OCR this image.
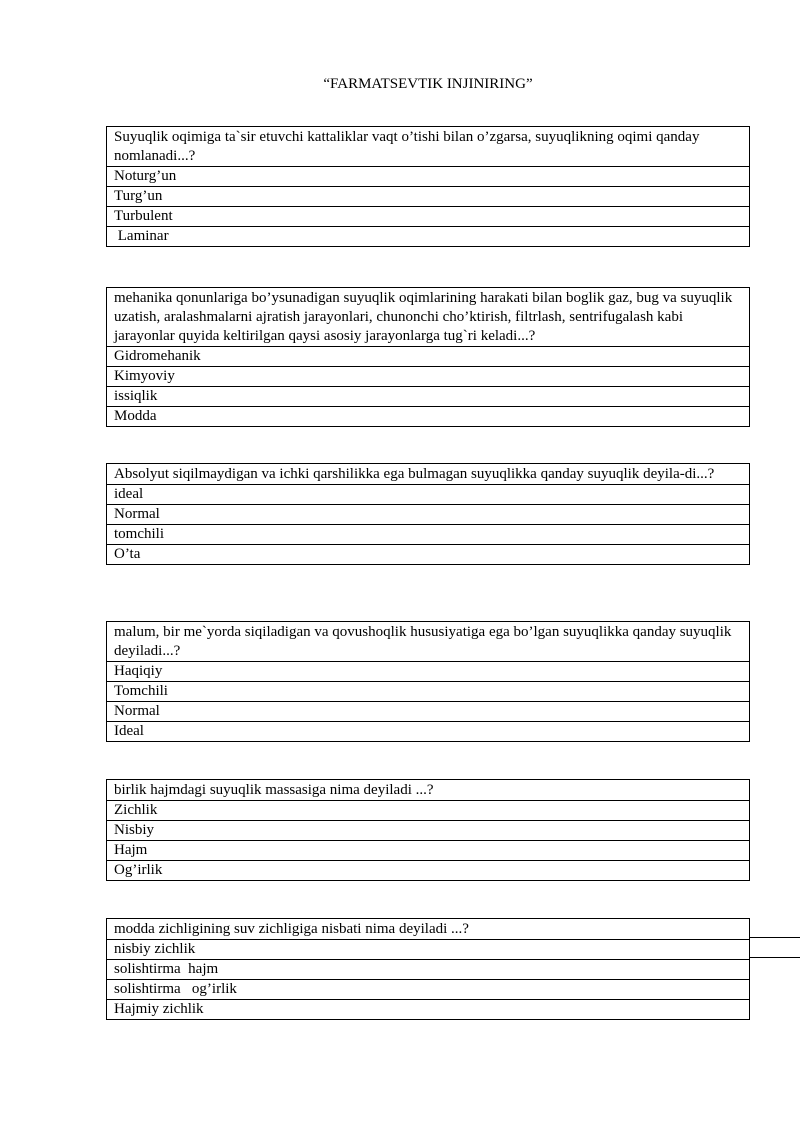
“FARMATSEVTIK INJINIRING”
Suyuqlik oqimiga ta`sir etuvchi kattaliklar vaqt o’tishi bilan o’zgarsa, suyuqlikning oqimi qanday nomlanadi...?
Noturg’un
Turg’un
Turbulent
Laminar
mehanika qonunlariga bo’ysunadigan suyuqlik oqimlarining harakati bilan boglik gaz, bug va suyuqlik uzatish, aralashmalarni ajratish jarayonlari, chunonchi cho’ktirish, filtrlash, sentrifugalash kabi jarayonlar quyida keltirilgan qaysi asosiy jarayonlarga tug`ri keladi...?
Gidromehanik
Kimyoviy
issiqlik
Modda
Absolyut siqilmaydigan va ichki qarshilikka ega bulmagan suyuqlikka qanday suyuqlik deyila-di...?
ideal
Normal
tomchili
O’ta
malum, bir me`yorda siqiladigan va qovushoqlik hususiyatiga ega bo’lgan suyuqlikka qanday suyuqlik deyiladi...?
Haqiqiy
Tomchili
Normal
Ideal
birlik hajmdagi suyuqlik massasiga nima deyiladi ...?
Zichlik
Nisbiy
Hajm
Og’irlik
modda zichligining suv zichligiga nisbati nima deyiladi ...?
nisbiy zichlik
solishtirma  hajm
solishtirma   og’irlik
Hajmiy zichlik
